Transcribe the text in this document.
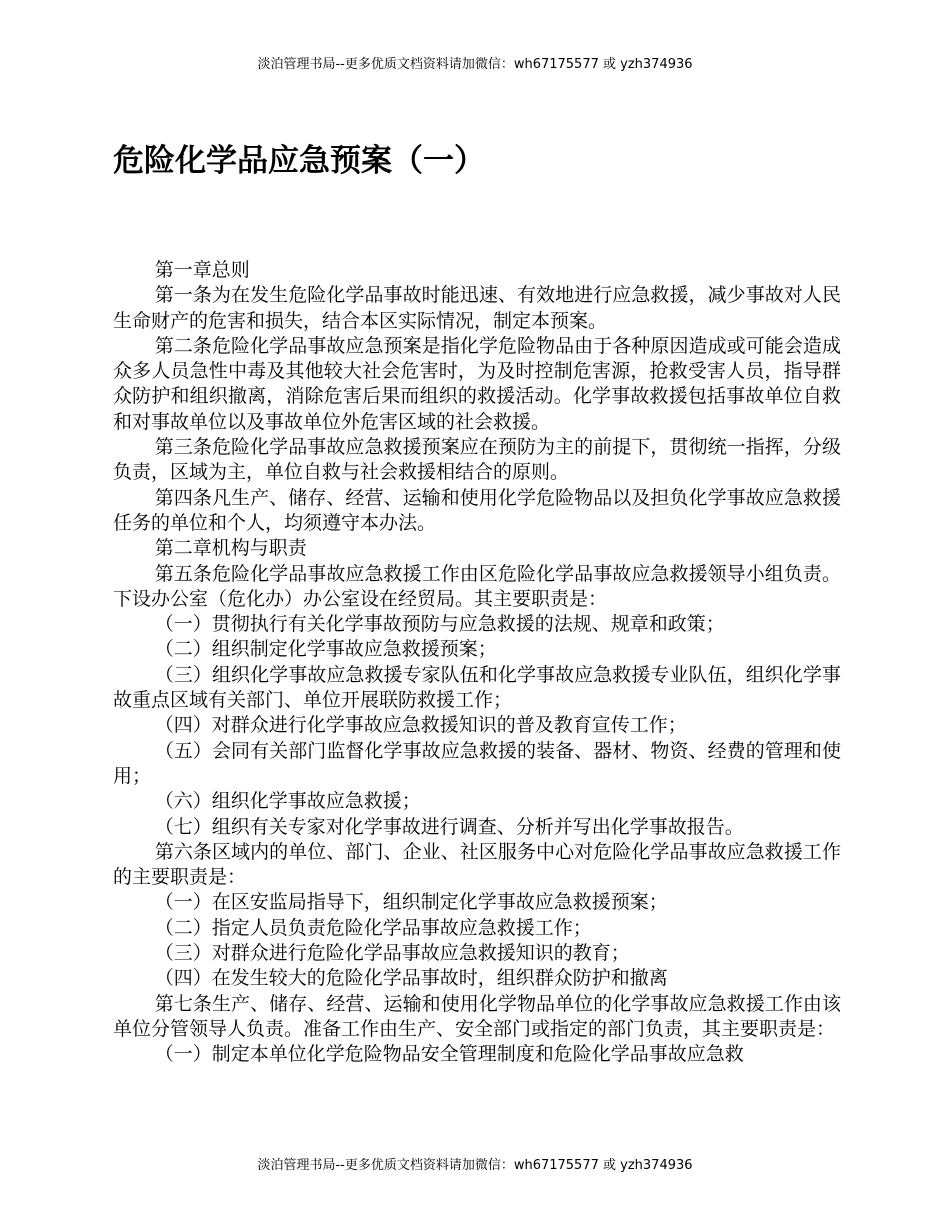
淡泊管理书局--更多优质文档资料请加微信：wh67175577 或 yzh374936
危险化学品应急预案（一）

第一章总则

第一条为在发生危险化学品事故时能迅速、有效地进行应急救援，减少事故对人民生命财产的危害和损失，结合本区实际情况，制定本预案。

第二条危险化学品事故应急预案是指化学危险物品由于各种原因造成或可能会造成众多人员急性中毒及其他较大社会危害时，为及时控制危害源，抢救受害人员，指导群众防护和组织撤离，消除危害后果而组织的救援活动。化学事故救援包括事故单位自救和对事故单位以及事故单位外危害区域的社会救援。

第三条危险化学品事故应急救援预案应在预防为主的前提下，贯彻统一指挥，分级负责，区域为主，单位自救与社会救援相结合的原则。

第四条凡生产、储存、经营、运输和使用化学危险物品以及担负化学事故应急救援任务的单位和个人，均须遵守本办法。

第二章机构与职责

第五条危险化学品事故应急救援工作由区危险化学品事故应急救援领导小组负责。下设办公室（危化办）办公室设在经贸局。其主要职责是：

（一）贯彻执行有关化学事故预防与应急救援的法规、规章和政策；

（二）组织制定化学事故应急救援预案；

（三）组织化学事故应急救援专家队伍和化学事故应急救援专业队伍，组织化学事故重点区域有关部门、单位开展联防救援工作；

（四）对群众进行化学事故应急救援知识的普及教育宣传工作；

（五）会同有关部门监督化学事故应急救援的装备、器材、物资、经费的管理和使用；

（六）组织化学事故应急救援；

（七）组织有关专家对化学事故进行调查、分析并写出化学事故报告。

第六条区域内的单位、部门、企业、社区服务中心对危险化学品事故应急救援工作的主要职责是：

（一）在区安监局指导下，组织制定化学事故应急救援预案；

（二）指定人员负责危险化学品事故应急救援工作；

（三）对群众进行危险化学品事故应急救援知识的教育；

（四）在发生较大的危险化学品事故时，组织群众防护和撤离

第七条生产、储存、经营、运输和使用化学物品单位的化学事故应急救援工作由该单位分管领导人负责。准备工作由生产、安全部门或指定的部门负责，其主要职责是：

（一）制定本单位化学危险物品安全管理制度和危险化学品事故应急救

淡泊管理书局--更多优质文档资料请加微信：wh67175577 或 yzh374936
